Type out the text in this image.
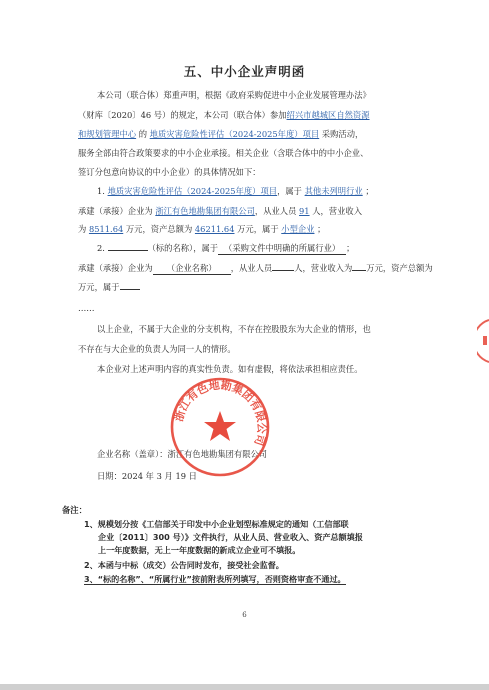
五、中小企业声明函
本公司（联合体）郑重声明，根据《政府采购促进中小企业发展管理办法》
（财库〔2020〕46 号）的规定，本公司（联合体）参加绍兴市越城区自然资源
和规划管理中心 的 地质灾害危险性评估（2024-2025年度）项目 采购活动，
服务全部由符合政策要求的中小企业承接。相关企业（含联合体中的中小企业、
签订分包意向协议的中小企业）的具体情况如下：
1. 地质灾害危险性评估（2024-2025年度）项目，属于 其他未列明行业 ；
承建（承接）企业为 浙江有色地勘集团有限公司，从业人员 91 人，营业收入
为 8511.64 万元，资产总额为 46211.64 万元，属于 小型企业 ；
2.	（标的名称），属于 （采购文件中明确的所属行业） ；
承建（承接）企业为 （企业名称） ，从业人员	人，营业收入为 万元，资产总额为
万元，属于
……
以上企业，不属于大企业的分支机构，不存在控股股东为大企业的情形，也
不存在与大企业的负责人为同一人的情形。
本企业对上述声明内容的真实性负责。如有虚假，将依法承担相应责任。
企业名称（盖章）：浙江有色地勘集团有限公司
日期：2024 年 3 月 19 日
浙江有色地勘集团有限公司
备注：
1、规模划分按《工信部关于印发中小企业划型标准规定的通知（工信部联
企业〔2011〕300 号）》文件执行，从业人员、营业收入、资产总额填报
上一年度数据，无上一年度数据的新成立企业可不填报。
2、本函与中标（成交）公告同时发布，接受社会监督。
3、“标的名称”、“所属行业”按前附表所列填写，否则资格审查不通过。
6
